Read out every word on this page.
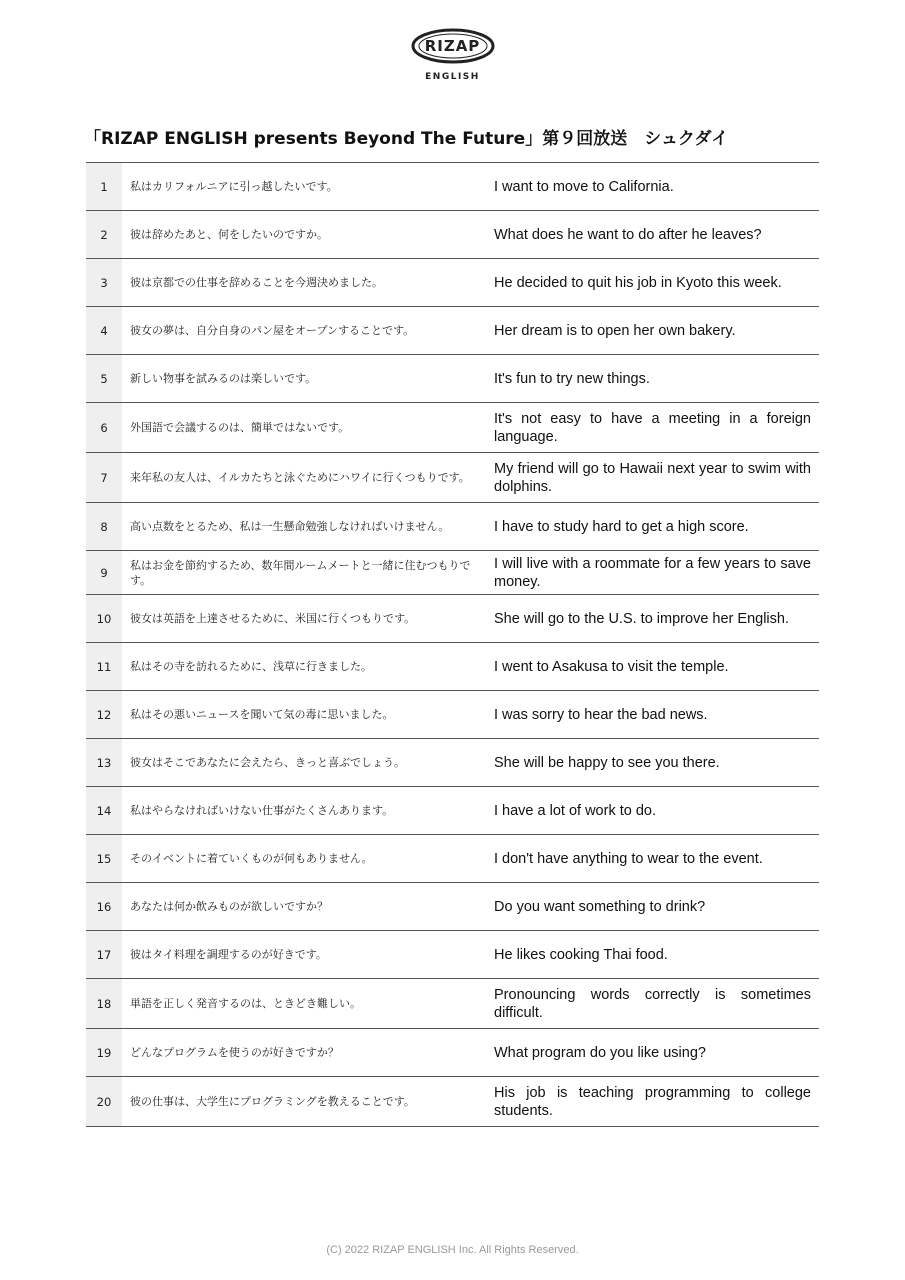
RIZAP
ENGLISH
「RIZAP ENGLISH presents Beyond The Future」第９回放送　シュクダイ
1	私はカリフォルニアに引っ越したいです。	I want to move to California.
2	彼は辞めたあと、何をしたいのですか。	What does he want to do after he leaves?
3	彼は京都での仕事を辞めることを今週決めました。	He decided to quit his job in Kyoto this week.
4	彼女の夢は、自分自身のパン屋をオープンすることです。	Her dream is to open her own bakery.
5	新しい物事を試みるのは楽しいです。	It's fun to try new things.
6	外国語で会議するのは、簡単ではないです。	It's not easy to have a meeting in a foreign language.
7	来年私の友人は、イルカたちと泳ぐためにハワイに行くつもりです。	My friend will go to Hawaii next year to swim with dolphins.
8	高い点数をとるため、私は一生懸命勉強しなければいけません。	I have to study hard to get a high score.
9	私はお金を節約するため、数年間ルームメートと一緒に住むつもりです。	I will live with a roommate for a few years to save money.
10	彼女は英語を上達させるために、米国に行くつもりです。	She will go to the U.S. to improve her English.
11	私はその寺を訪れるために、浅草に行きました。	I went to Asakusa to visit the temple.
12	私はその悪いニュースを聞いて気の毒に思いました。	I was sorry to hear the bad news.
13	彼女はそこであなたに会えたら、きっと喜ぶでしょう。	She will be happy to see you there.
14	私はやらなければいけない仕事がたくさんあります。	I have a lot of work to do.
15	そのイベントに着ていくものが何もありません。	I don't have anything to wear to the event.
16	あなたは何か飲みものが欲しいですか？	Do you want something to drink?
17	彼はタイ料理を調理するのが好きです。	He likes cooking Thai food.
18	単語を正しく発音するのは、ときどき難しい。	Pronouncing words correctly is sometimes difficult.
19	どんなプログラムを使うのが好きですか？	What program do you like using?
20	彼の仕事は、大学生にプログラミングを教えることです。	His job is teaching programming to college students.
(C) 2022 RIZAP ENGLISH Inc. All Rights Reserved.
